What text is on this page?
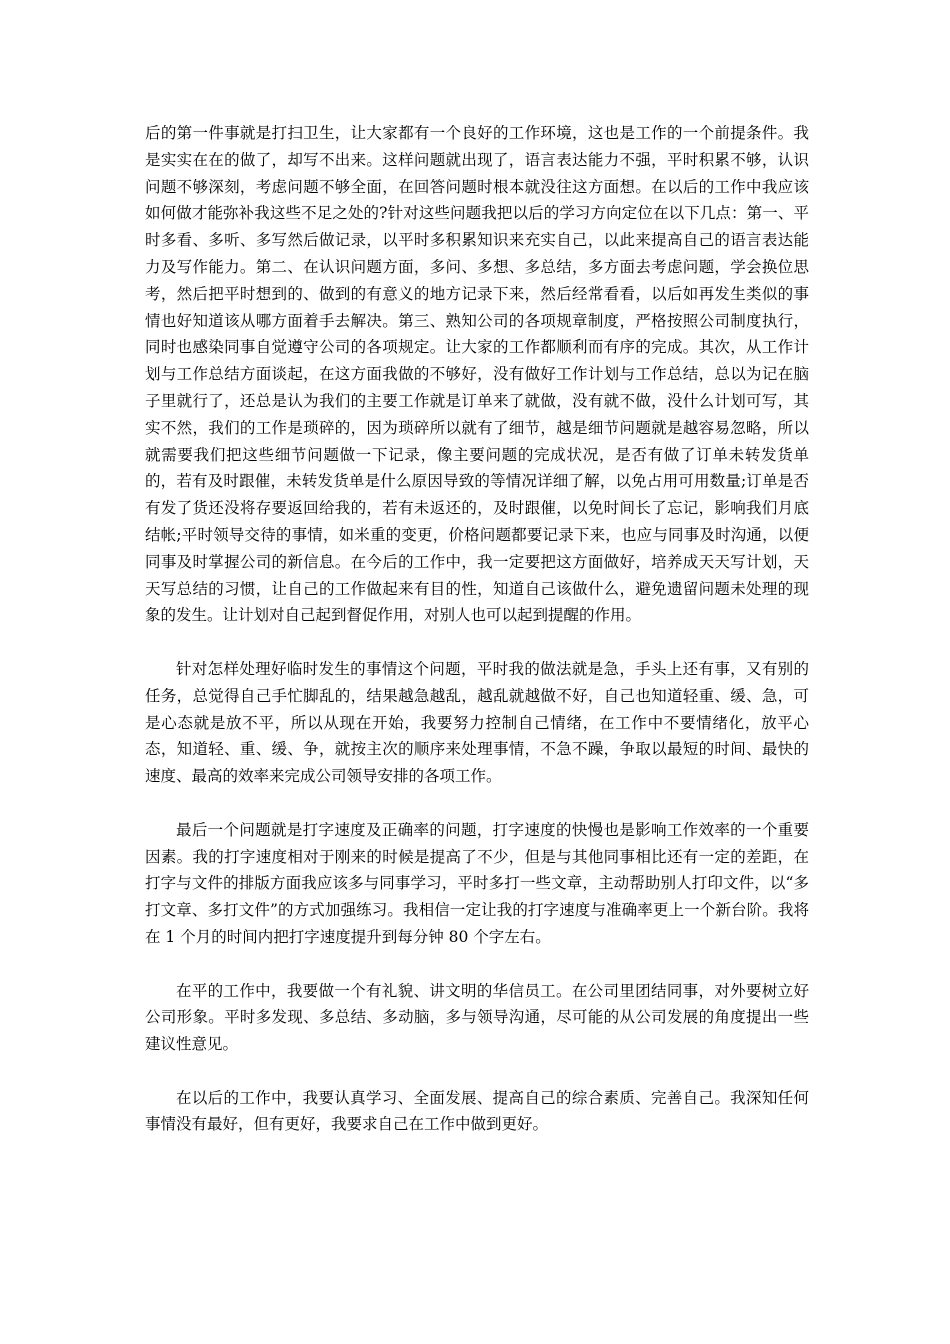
后的第一件事就是打扫卫生，让大家都有一个良好的工作环境，这也是工作的一个前提条件。我是实实在在的做了，却写不出来。这样问题就出现了，语言表达能力不强，平时积累不够，认识问题不够深刻，考虑问题不够全面，在回答问题时根本就没往这方面想。在以后的工作中我应该如何做才能弥补我这些不足之处的?针对这些问题我把以后的学习方向定位在以下几点：第一、平时多看、多听、多写然后做记录，以平时多积累知识来充实自己，以此来提高自己的语言表达能力及写作能力。第二、在认识问题方面，多问、多想、多总结，多方面去考虑问题，学会换位思考，然后把平时想到的、做到的有意义的地方记录下来，然后经常看看，以后如再发生类似的事情也好知道该从哪方面着手去解决。第三、熟知公司的各项规章制度，严格按照公司制度执行，同时也感染同事自觉遵守公司的各项规定。让大家的工作都顺利而有序的完成。其次，从工作计划与工作总结方面谈起，在这方面我做的不够好，没有做好工作计划与工作总结，总以为记在脑子里就行了，还总是认为我们的主要工作就是订单来了就做，没有就不做，没什么计划可写，其实不然，我们的工作是琐碎的，因为琐碎所以就有了细节，越是细节问题就是越容易忽略，所以就需要我们把这些细节问题做一下记录，像主要问题的完成状况，是否有做了订单未转发货单的，若有及时跟催，未转发货单是什么原因导致的等情况详细了解，以免占用可用数量;订单是否有发了货还没将存要返回给我的，若有未返还的，及时跟催，以免时间长了忘记，影响我们月底结帐;平时领导交待的事情，如米重的变更，价格问题都要记录下来，也应与同事及时沟通，以便同事及时掌握公司的新信息。在今后的工作中，我一定要把这方面做好，培养成天天写计划，天天写总结的习惯，让自己的工作做起来有目的性，知道自己该做什么，避免遗留问题未处理的现象的发生。让计划对自己起到督促作用，对别人也可以起到提醒的作用。

针对怎样处理好临时发生的事情这个问题，平时我的做法就是急，手头上还有事，又有别的任务，总觉得自己手忙脚乱的，结果越急越乱，越乱就越做不好，自己也知道轻重、缓、急，可是心态就是放不平，所以从现在开始，我要努力控制自己情绪，在工作中不要情绪化，放平心态，知道轻、重、缓、争，就按主次的顺序来处理事情，不急不躁，争取以最短的时间、最快的速度、最高的效率来完成公司领导安排的各项工作。

最后一个问题就是打字速度及正确率的问题，打字速度的快慢也是影响工作效率的一个重要因素。我的打字速度相对于刚来的时候是提高了不少，但是与其他同事相比还有一定的差距，在打字与文件的排版方面我应该多与同事学习，平时多打一些文章，主动帮助别人打印文件，以“多打文章、多打文件”的方式加强练习。我相信一定让我的打字速度与准确率更上一个新台阶。我将在 1 个月的时间内把打字速度提升到每分钟 80 个字左右。

在平的工作中，我要做一个有礼貌、讲文明的华信员工。在公司里团结同事，对外要树立好公司形象。平时多发现、多总结、多动脑，多与领导沟通，尽可能的从公司发展的角度提出一些建议性意见。

在以后的工作中，我要认真学习、全面发展、提高自己的综合素质、完善自己。我深知任何事情没有最好，但有更好，我要求自己在工作中做到更好。
